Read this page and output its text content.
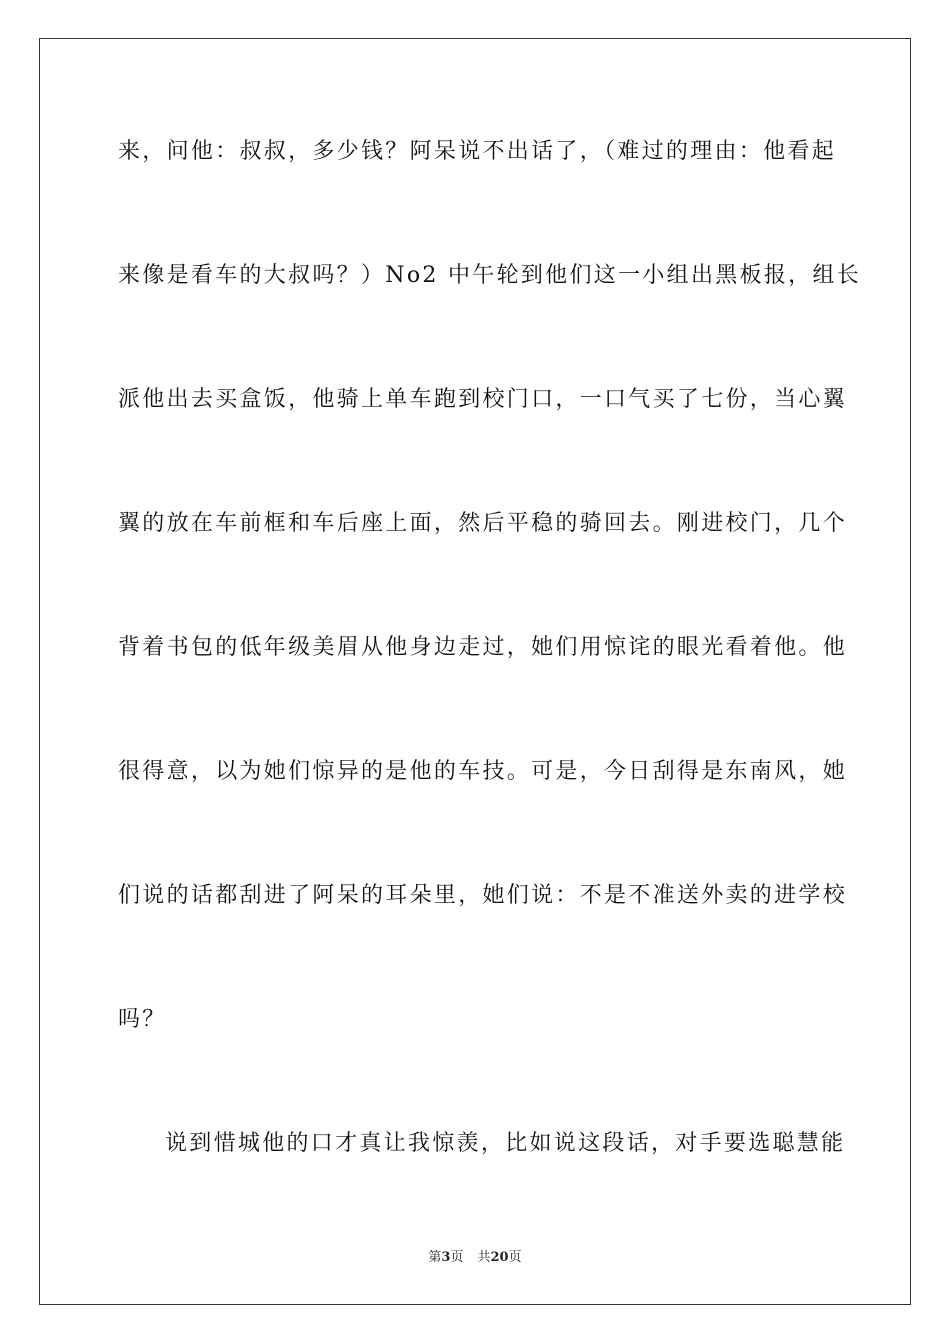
来，问他：叔叔，多少钱？阿呆说不出话了，（难过的理由：他看起
来像是看车的大叔吗？）No2 中午轮到他们这一小组出黑板报，组长
派他出去买盒饭，他骑上单车跑到校门口，一口气买了七份，当心翼
翼的放在车前框和车后座上面，然后平稳的骑回去。刚进校门，几个
背着书包的低年级美眉从他身边走过，她们用惊诧的眼光看着他。他
很得意，以为她们惊异的是他的车技。可是，今日刮得是东南风，她
们说的话都刮进了阿呆的耳朵里，她们说：不是不准送外卖的进学校
吗？
说到惜城他的口才真让我惊羡，比如说这段话，对手要选聪慧能
第3页 共20页
